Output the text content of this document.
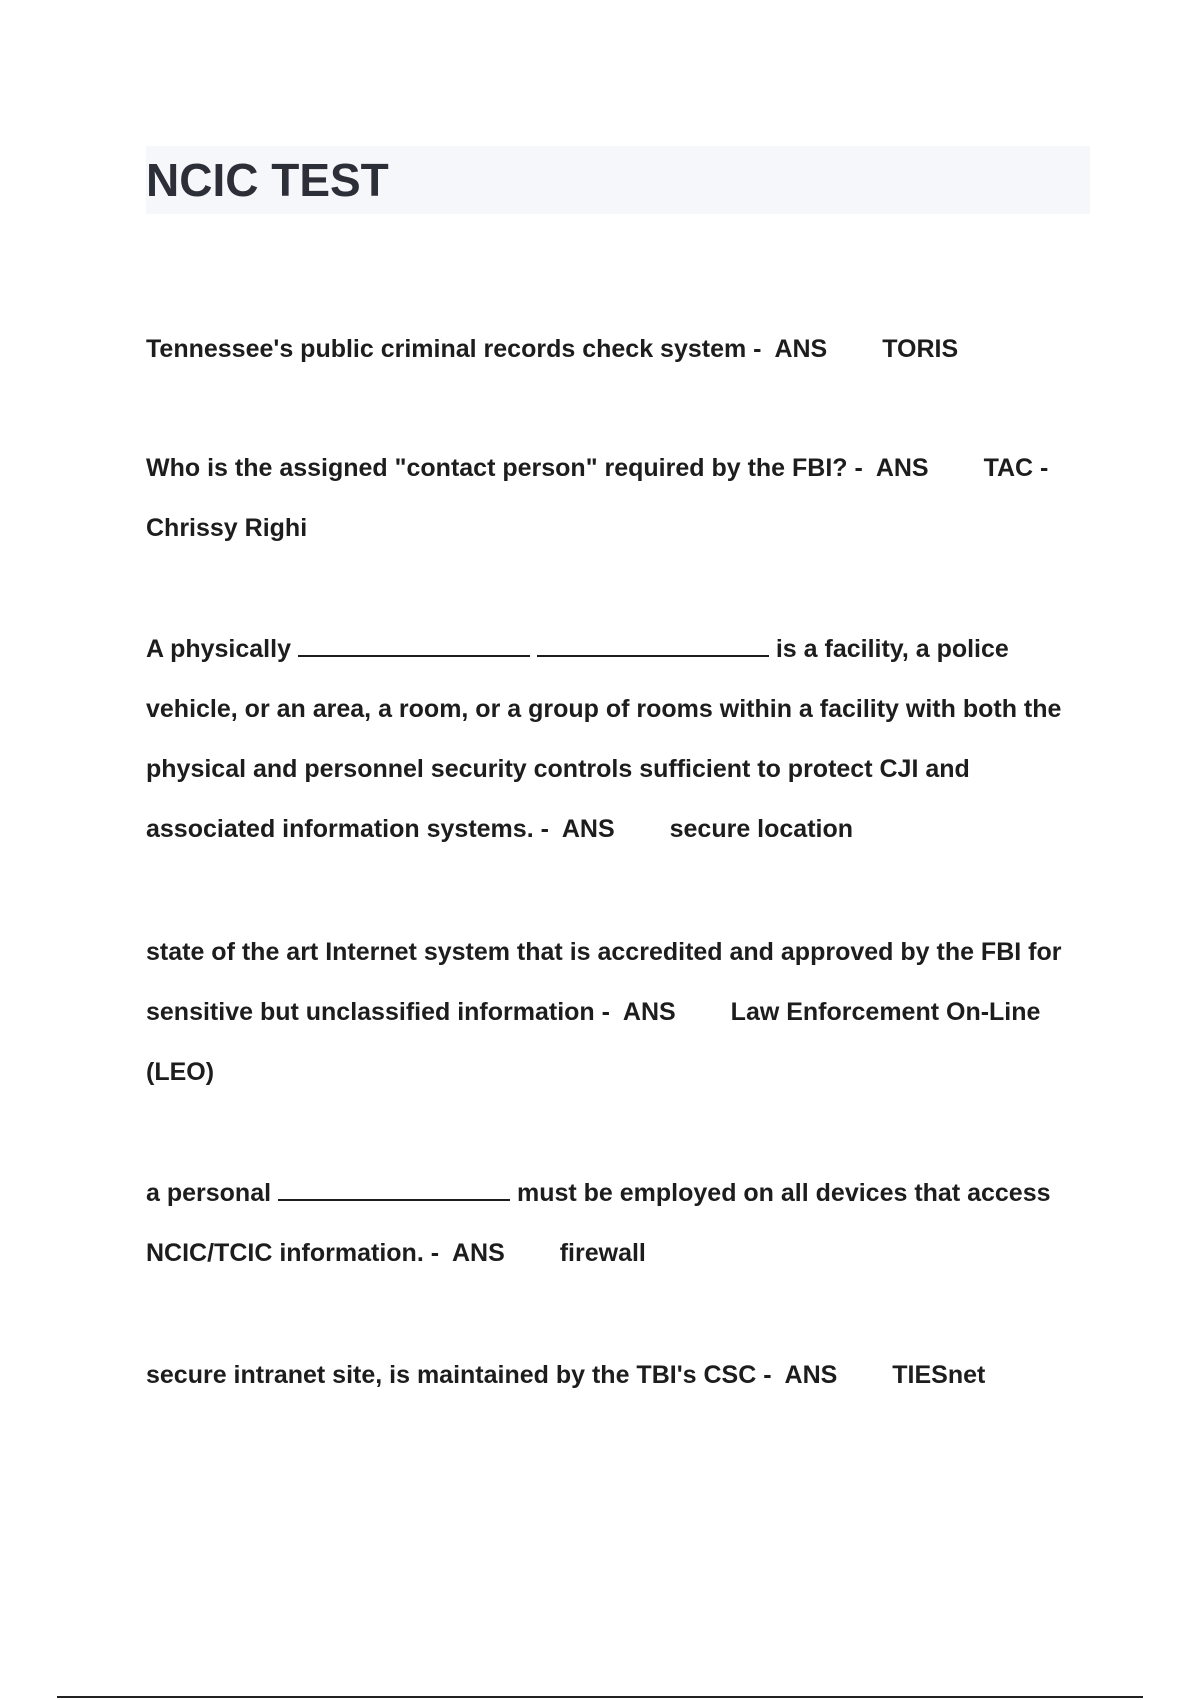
NCIC TEST

Tennessee's public criminal records check system - ANS TORIS

Who is the assigned "contact person" required by the FBI? - ANS TAC - Chrissy Righi

A physically	is a facility, a police vehicle, or an area, a room, or a group of rooms within a facility with both the physical and personnel security controls sufficient to protect CJI and associated information systems. - ANS secure location

state of the art Internet system that is accredited and approved by the FBI for sensitive but unclassified information - ANS Law Enforcement On-Line (LEO)

a personal	must be employed on all devices that access NCIC/TCIC information. - ANS firewall

secure intranet site, is maintained by the TBI's CSC - ANS TIESnet
